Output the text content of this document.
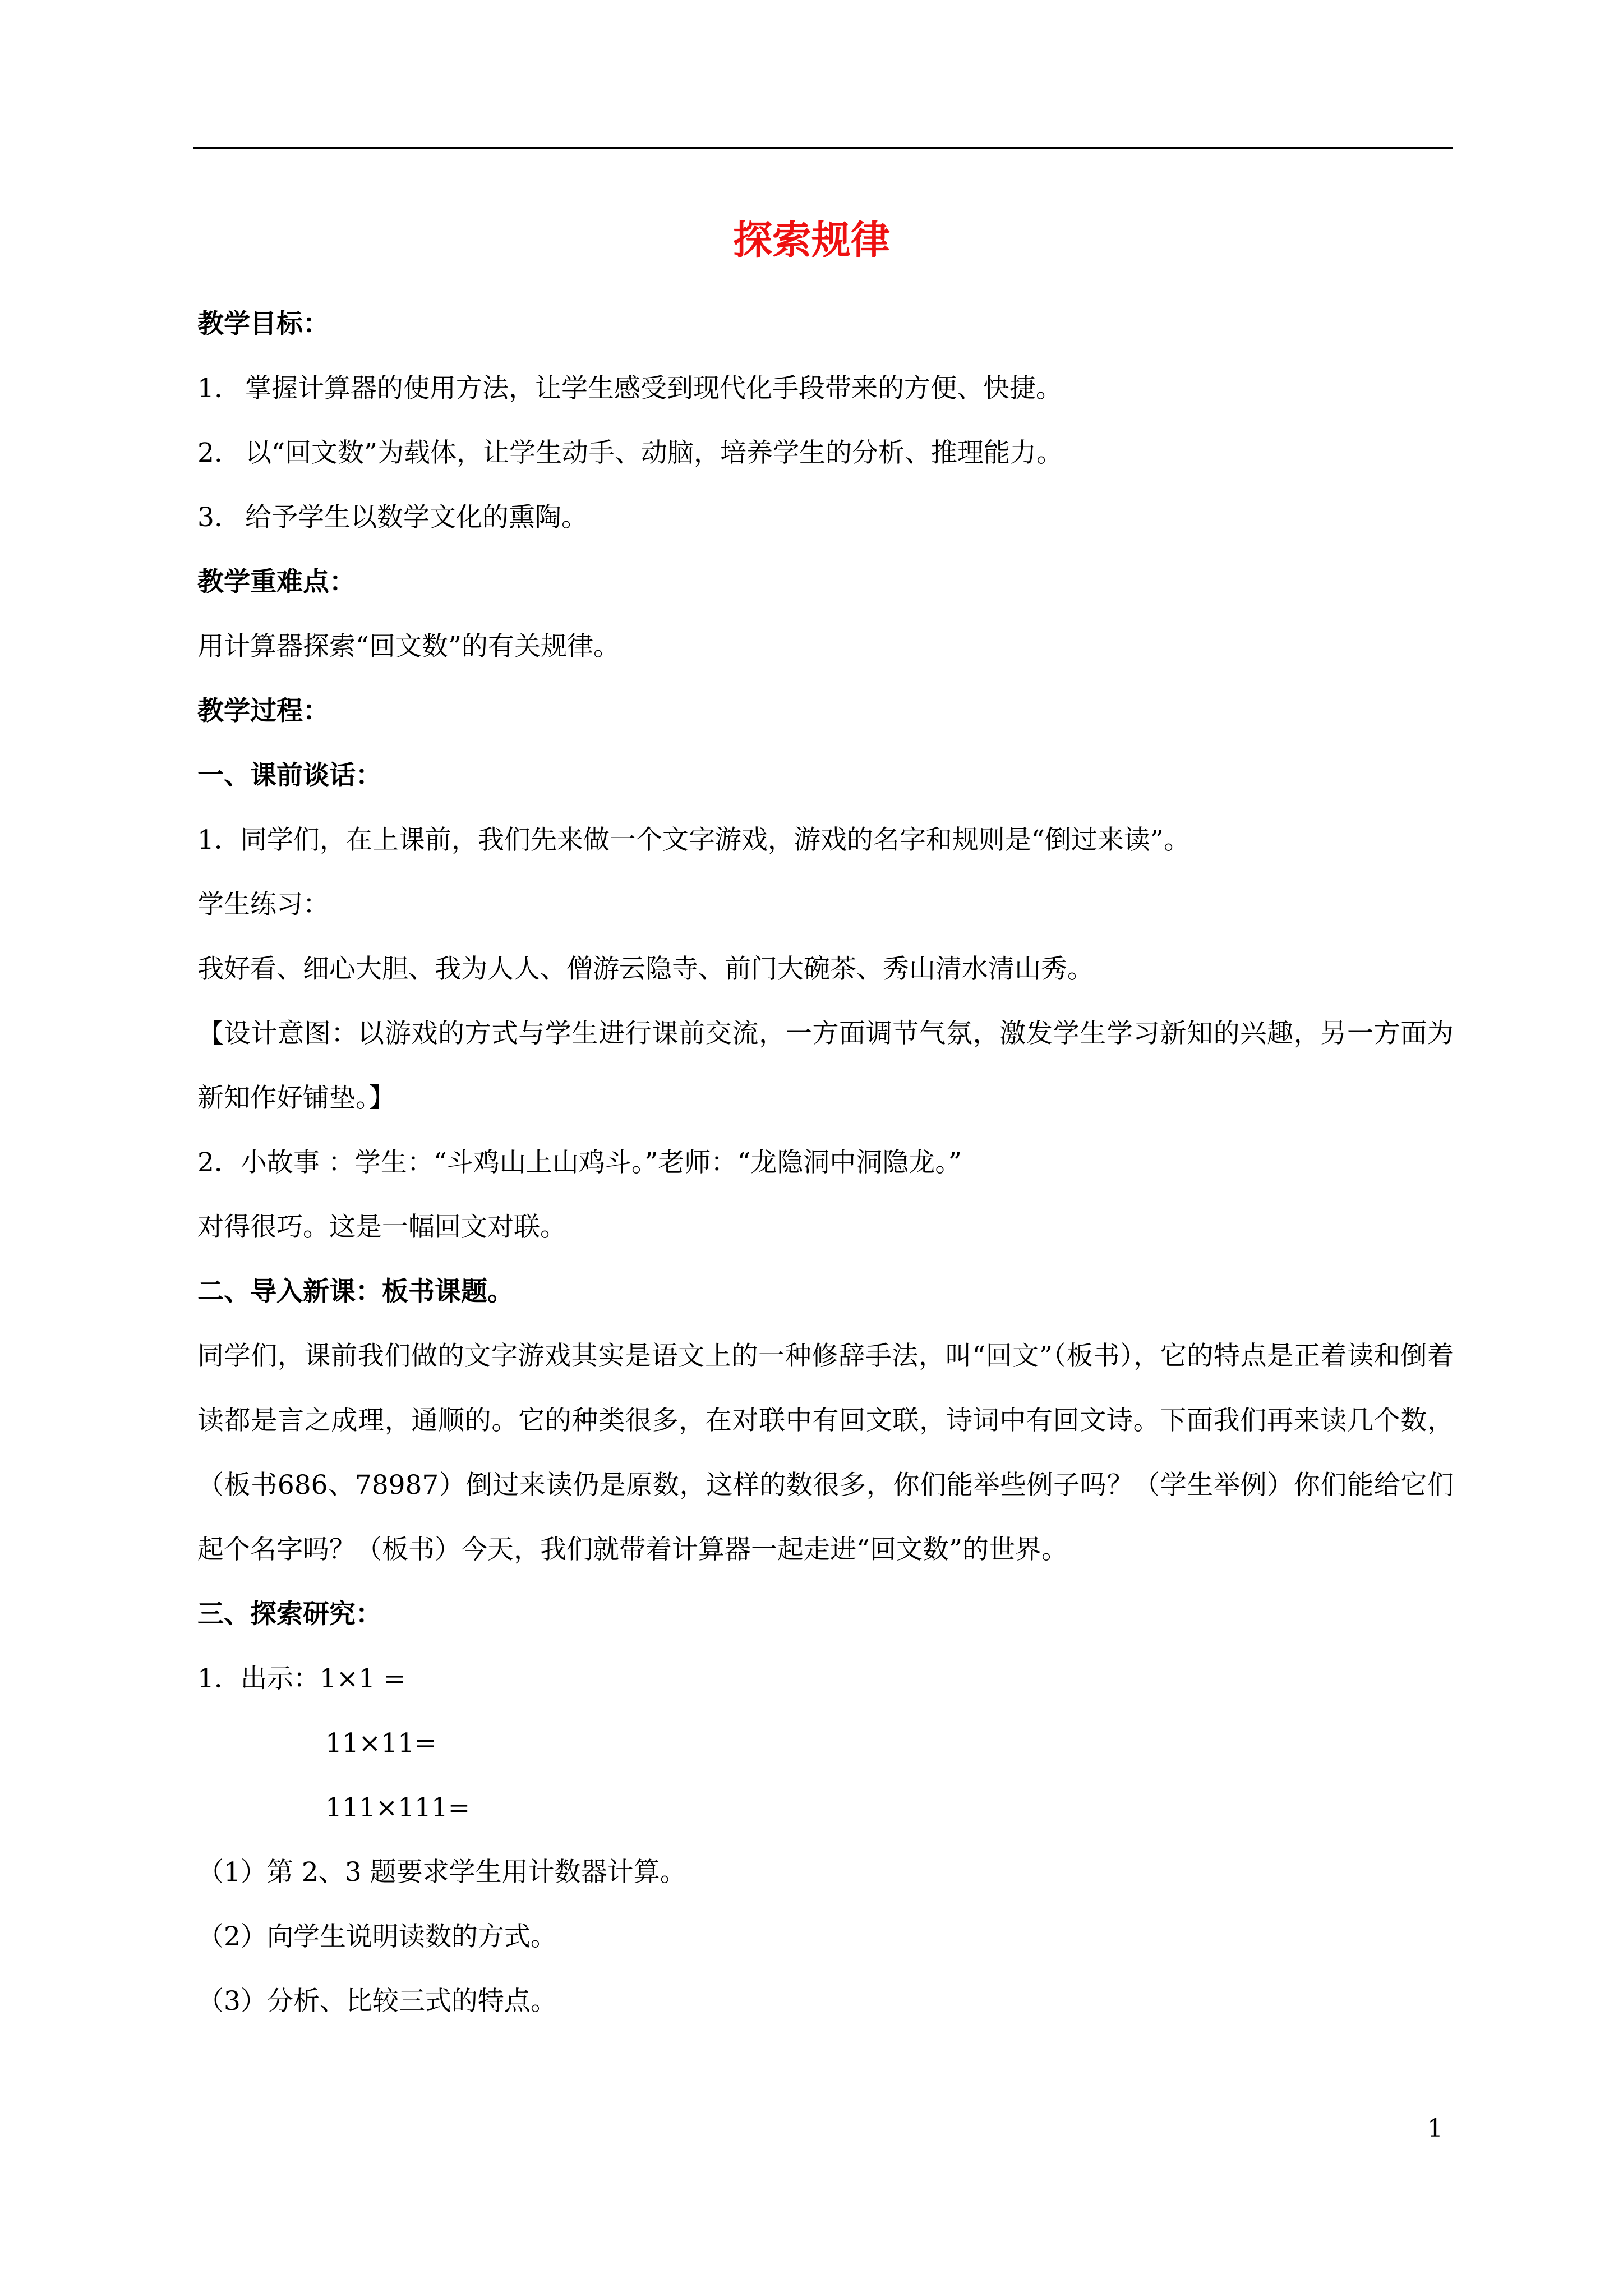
探索规律

教学目标：

1. 掌握计算器的使用方法，让学生感受到现代化手段带来的方便、快捷。

2. 以“回文数”为载体，让学生动手、动脑，培养学生的分析、推理能力。

3. 给予学生以数学文化的熏陶。

教学重难点：

用计算器探索“回文数”的有关规律。

教学过程：

一、课前谈话：

1．同学们，在上课前，我们先来做一个文字游戏，游戏的名字和规则是“倒过来读”。

学生练习：

我好看、细心大胆、我为人人、僧游云隐寺、前门大碗茶、秀山清水清山秀。

【设计意图：以游戏的方式与学生进行课前交流，一方面调节气氛，激发学生学习新知的兴趣，另一方面为新知作好铺垫。】

2．小故事 ：学生：“斗鸡山上山鸡斗。”老师：“龙隐洞中洞隐龙。”

对得很巧。这是一幅回文对联。

二、导入新课：板书课题。

同学们，课前我们做的文字游戏其实是语文上的一种修辞手法，叫“回文”（板书），它的特点是正着读和倒着读都是言之成理，通顺的。它的种类很多，在对联中有回文联，诗词中有回文诗。下面我们再来读几个数，（板书686、78987）倒过来读仍是原数，这样的数很多，你们能举些例子吗？（学生举例）你们能给它们起个名字吗？（板书）今天，我们就带着计算器一起走进“回文数”的世界。

三、探索研究：

1．出示：1×1 =

11×11=

111×111=

（1）第 2、3 题要求学生用计数器计算。

（2）向学生说明读数的方式。

（3）分析、比较三式的特点。

1
